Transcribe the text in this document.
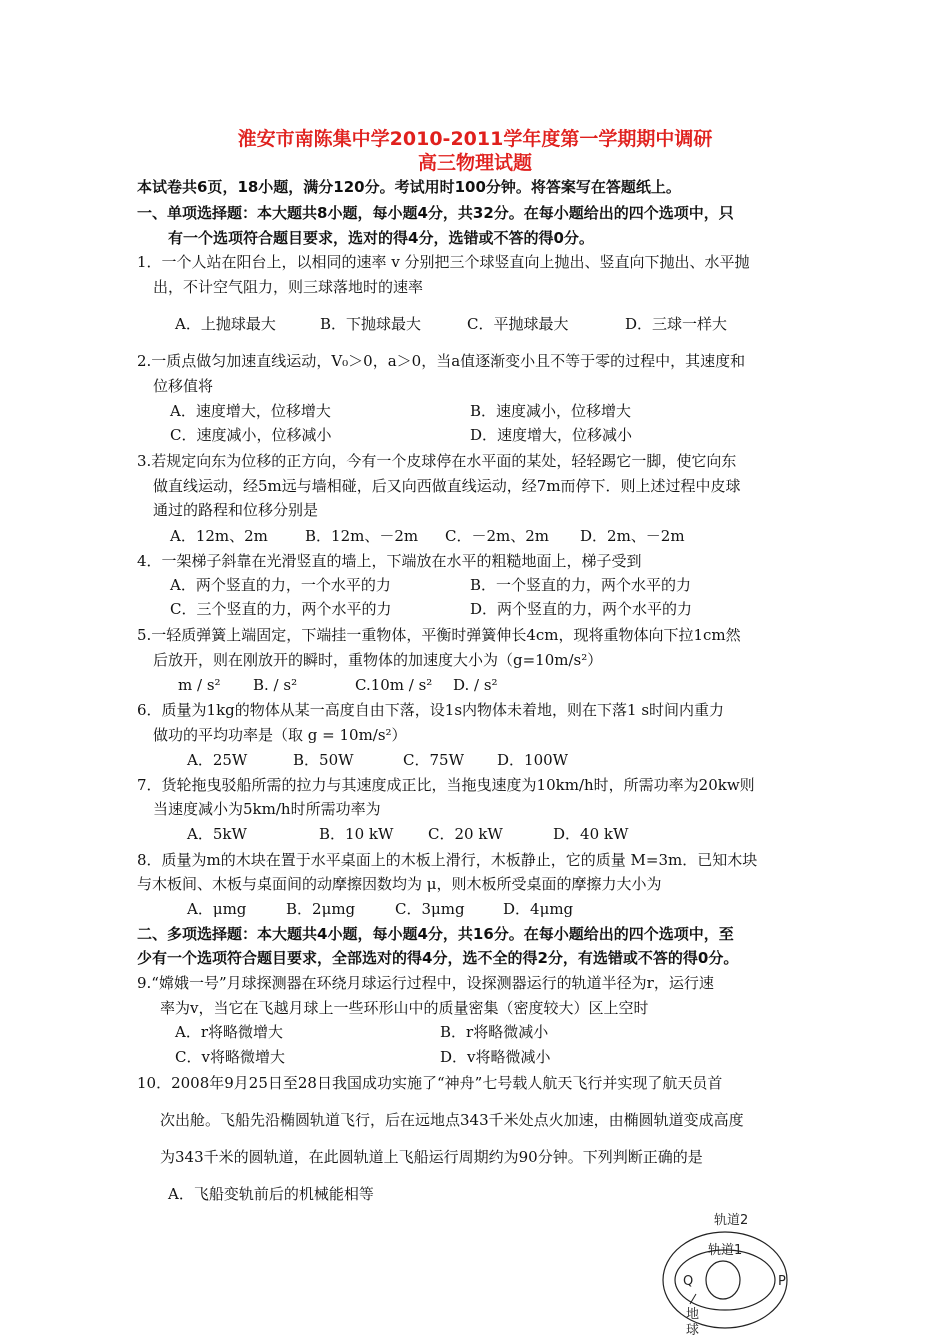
淮安市南陈集中学2010-2011学年度第一学期期中调研
高三物理试题
本试卷共6页，18小题，满分120分。考试用时100分钟。将答案写在答题纸上。
一、单项选择题：本大题共8小题，每小题4分，共32分。在每小题给出的四个选项中，只
有一个选项符合题目要求，选对的得4分，选错或不答的得0分。
1．一个人站在阳台上，以相同的速率 v 分别把三个球竖直向上抛出、竖直向下抛出、水平抛
出，不计空气阻力，则三球落地时的速率
A．上抛球最大	B．下抛球最大	C．平抛球最大	D．三球一样大
2.一质点做匀加速直线运动，V₀＞0，a＞0，当a值逐渐变小且不等于零的过程中，其速度和
位移值将
A．速度增大，位移增大	B．速度减小，位移增大
C．速度减小，位移减小	D．速度增大，位移减小
3.若规定向东为位移的正方向，今有一个皮球停在水平面的某处，轻轻踢它一脚，使它向东
做直线运动，经5m远与墙相碰，后又向西做直线运动，经7m而停下．则上述过程中皮球
通过的路程和位移分别是
A．12m、2m B．12m、－2m C．－2m、2m D．2m、－2m
4．一架梯子斜靠在光滑竖直的墙上，下端放在水平的粗糙地面上，梯子受到
A．两个竖直的力，一个水平的力	B．一个竖直的力，两个水平的力
C．三个竖直的力，两个水平的力	D．两个竖直的力，两个水平的力
5.一轻质弹簧上端固定，下端挂一重物体，平衡时弹簧伸长4cm，现将重物体向下拉1cm然
后放开，则在刚放开的瞬时，重物体的加速度大小为（g=10m/s²）
m / s² B. / s²	C.10m / s² D. / s²
6．质量为1kg的物体从某一高度自由下落，设1s内物体未着地，则在下落1 s时间内重力
做功的平均功率是（取 g = 10m/s²）
A．25W	B．50W	C．75W D．100W
7．货轮拖曳驳船所需的拉力与其速度成正比，当拖曳速度为10km/h时，所需功率为20kw则
当速度减小为5km/h时所需功率为
A．5kW	B．10 kW C．20 kW	D．40 kW
8．质量为m的木块在置于水平桌面上的木板上滑行，木板静止，它的质量 M=3m．已知木块
与木板间、木板与桌面间的动摩擦因数均为 μ，则木板所受桌面的摩擦力大小为
A．μmg	B．2μmg	C．3μmg	D．4μmg
二、多项选择题：本大题共4小题，每小题4分，共16分。在每小题给出的四个选项中，至
少有一个选项符合题目要求，全部选对的得4分，选不全的得2分，有选错或不答的得0分。
9.“嫦娥一号”月球探测器在环绕月球运行过程中，设探测器运行的轨道半径为r，运行速
率为v，当它在飞越月球上一些环形山中的质量密集（密度较大）区上空时
A．r将略微增大	B．r将略微减小
C．v将略微增大	D．v将略微减小
10．2008年9月25日至28日我国成功实施了“神舟”七号载人航天飞行并实现了航天员首
次出舱。飞船先沿椭圆轨道飞行，后在远地点343千米处点火加速，由椭圆轨道变成高度
为343千米的圆轨道，在此圆轨道上飞船运行周期约为90分钟。下列判断正确的是
A．飞船变轨前后的机械能相等
轨道2
轨道1
Q	P
地
球
